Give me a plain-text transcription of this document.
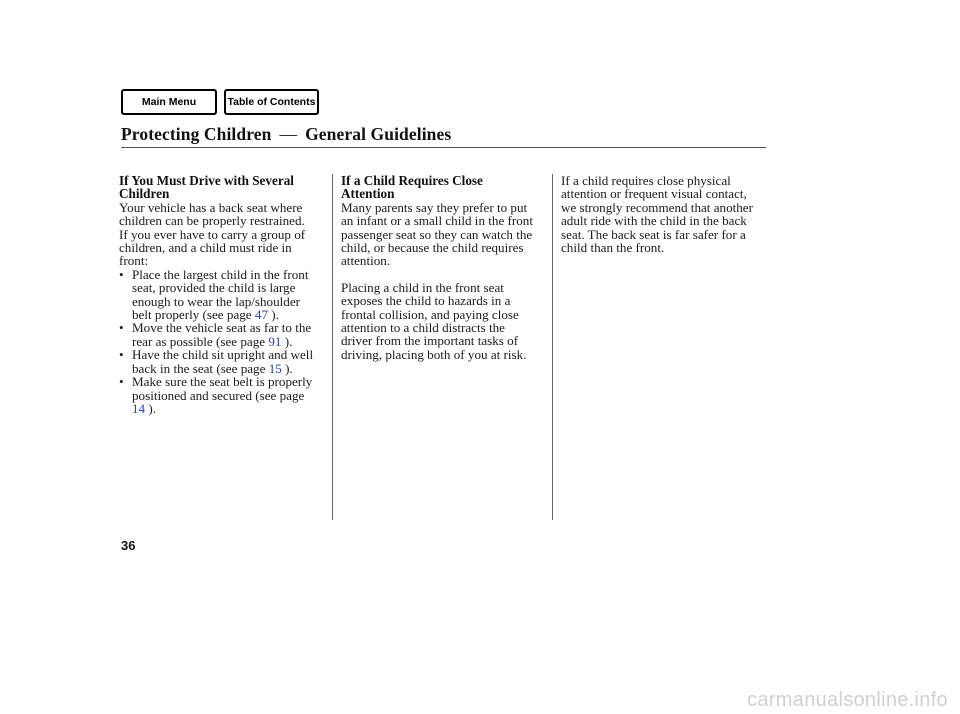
Main Menu	Table of Contents
Protecting Children — General Guidelines

If You Must Drive with Several
Children

Your vehicle has a back seat where
children can be properly restrained.
If you ever have to carry a group of
children, and a child must ride in
front:

• Place the largest child in the front
seat, provided the child is large
enough to wear the lap/shoulder
belt properly (see page 47 ).
• Move the vehicle seat as far to the
rear as possible (see page 91 ).
• Have the child sit upright and well
back in the seat (see page 15 ).
• Make sure the seat belt is properly
positioned and secured (see page
14 ).

If a Child Requires Close
Attention

Many parents say they prefer to put
an infant or a small child in the front
passenger seat so they can watch the
child, or because the child requires
attention.

Placing a child in the front seat
exposes the child to hazards in a
frontal collision, and paying close
attention to a child distracts the
driver from the important tasks of
driving, placing both of you at risk.

If a child requires close physical
attention or frequent visual contact,
we strongly recommend that another
adult ride with the child in the back
seat. The back seat is far safer for a
child than the front.

36
carmanualsonline.info
